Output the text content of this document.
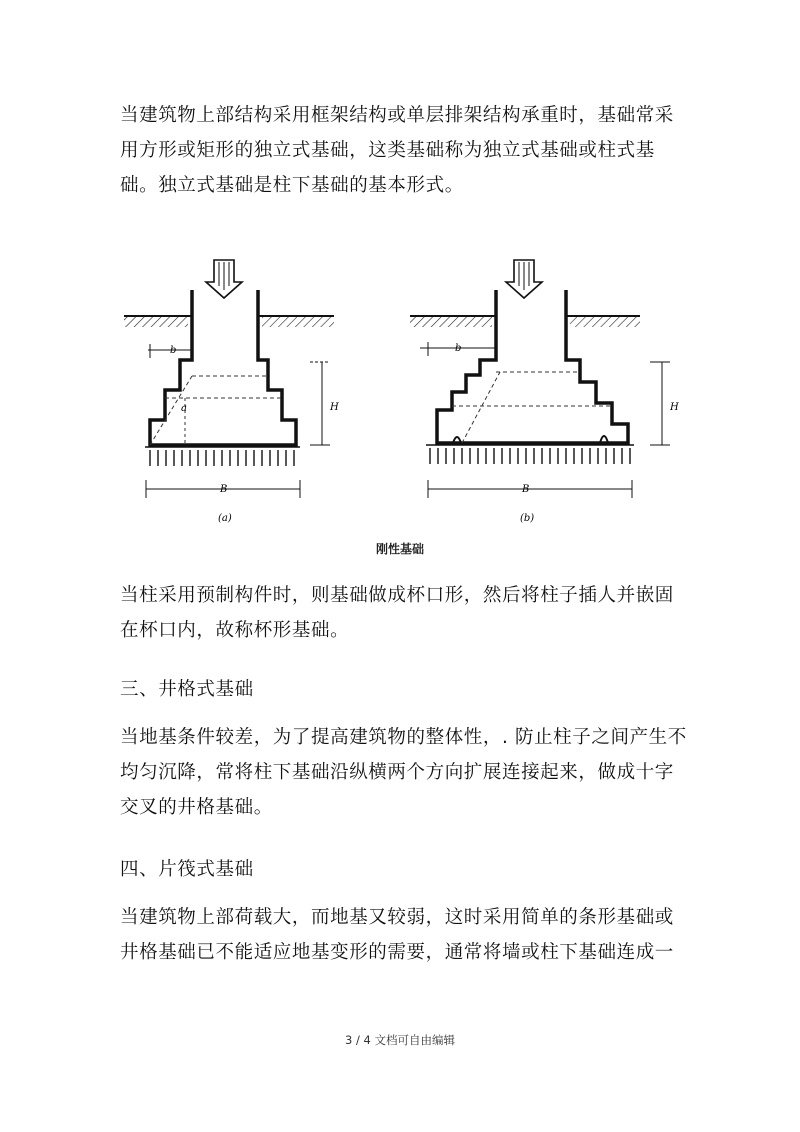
当建筑物上部结构采用框架结构或单层排架结构承重时，基础常采用方形或矩形的独立式基础，这类基础称为独立式基础或柱式基础。独立式基础是柱下基础的基本形式。

b
a	H
B
(a)
b
H
B
(b)
刚性基础

当柱采用预制构件时，则基础做成杯口形，然后将柱子插人并嵌固在杯口内，故称杯形基础。

三、井格式基础

当地基条件较差，为了提高建筑物的整体性，. 防止柱子之间产生不均匀沉降，常将柱下基础沿纵横两个方向扩展连接起来，做成十字交叉的井格基础。

四、片筏式基础

当建筑物上部荷载大，而地基又较弱，这时采用简单的条形基础或井格基础已不能适应地基变形的需要，通常将墙或柱下基础连成一

3 / 4 文档可自由编辑
